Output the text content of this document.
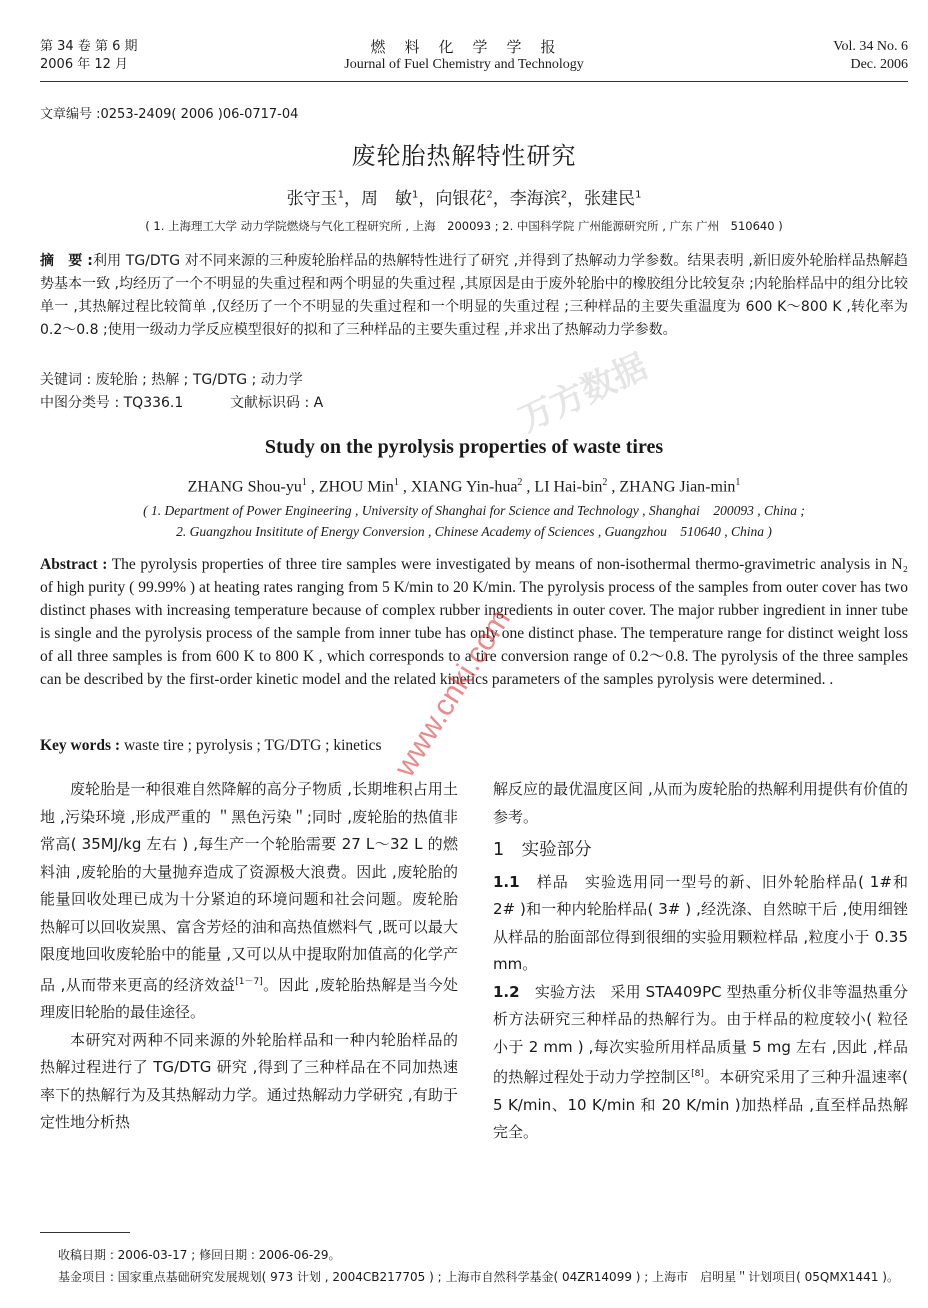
第 34 卷 第 6 期
2006 年 12 月
燃　料　化　学　学　报
Journal of Fuel Chemistry and Technology
Vol. 34 No. 6
Dec. 2006
文章编号 :0253-2409( 2006 )06-0717-04
废轮胎热解特性研究
张守玉$^1$，周　敏$^1$，向银花$^2$，李海滨$^2$，张建民$^1$
( 1. 上海理工大学 动力学院燃烧与气化工程研究所 , 上海　200093 ; 2. 中国科学院 广州能源研究所 , 广东 广州　510640 )
摘　要 :利用 TG/DTG 对不同来源的三种废轮胎样品的热解特性进行了研究 ,并得到了热解动力学参数。结果表明 ,新旧废外轮胎样品热解趋势基本一致 ,均经历了一个不明显的失重过程和两个明显的失重过程 ,其原因是由于废外轮胎中的橡胶组分比较复杂 ;内轮胎样品中的组分比较单一 ,其热解过程比较简单 ,仅经历了一个不明显的失重过程和一个明显的失重过程 ;三种样品的主要失重温度为 600 K～800 K ,转化率为 0.2～0.8 ;使用一级动力学反应模型很好的拟和了三种样品的主要失重过程 ,并求出了热解动力学参数。
关键词 : 废轮胎 ; 热解 ; TG/DTG ; 动力学
中图分类号 : TQ336.1	文献标识码 : A
Study on the pyrolysis properties of waste tires
ZHANG Shou-$yu^1$ , ZHOU Min$^1$ , XIANG Yin-hua$^2$ , LI Hai-bin$^2$ , ZHANG Jian-$\min^1$
( 1. Department of Power Engineering , University of Shanghai for Science and Technology , Shanghai　200093 , China ;
2. Guangzhou Insititute of Energy Conversion , Chinese Academy of Sciences , Guangzhou　510640 , China )
Abstract : The pyrolysis properties of three tire samples were investigated by means of non-isothermal thermo-gravimetric analysis in N₂ of high purity ( 99.99% ) at heating rates ranging from 5 K/min to 20 K/min. The pyrolysis process of the samples from outer cover has two distinct phases with increasing temperature because of complex rubber ingredients in outer cover. The major rubber ingredient in inner tube is single and the pyrolysis process of the sample from inner tube has only one distinct phase. The temperature range for distinct weight loss of all three samples is from 600 K to 800 K , which corresponds to a tire conversion range of 0.2～0.8. The pyrolysis of the three samples can be described by the first-order kinetic model and the related kinetics parameters of the samples pyrolysis were determined. .
Key words : waste tire ; pyrolysis ; TG/DTG ; kinetics

废轮胎是一种很难自然降解的高分子物质 ,长期堆积占用土地 ,污染环境 ,形成严重的 ＂黑色污染＂;同时 ,废轮胎的热值非常高( 35MJ/kg 左右 ) ,每生产一个轮胎需要 27 L～32 L 的燃料油 ,废轮胎的大量抛弃造成了资源极大浪费。因此 ,废轮胎的能量回收处理已成为十分紧迫的环境问题和社会问题。废轮胎热解可以回收炭黑、富含芳烃的油和高热值燃料气 ,既可以最大限度地回收废轮胎中的能量 ,又可以从中提取附加值高的化学产品 ,从而带来更高的经济效益[1－7]。因此 ,废轮胎热解是当今处理废旧轮胎的最佳途径。

本研究对两种不同来源的外轮胎样品和一种内轮胎样品的热解过程进行了 TG/DTG 研究 ,得到了三种样品在不同加热速率下的热解行为及其热解动力学。通过热解动力学研究 ,有助于定性地分析热

解反应的最优温度区间 ,从而为废轮胎的热解利用提供有价值的参考。

1　实验部分

1.1　 样品　 实验选用同一型号的新、旧外轮胎样品( 1#和 2# )和一种内轮胎样品( 3# ) ,经洗涤、自然晾干后 ,使用细锉从样品的胎面部位得到很细的实验用颗粒样品 ,粒度小于 0.35 mm。

1.2　 实验方法　 采用 STA409PC 型热重分析仪非等温热重分析方法研究三种样品的热解行为。由于样品的粒度较小( 粒径小于 2 mm ) ,每次实验所用样品质量 5 mg 左右 ,因此 ,样品的热解过程处于动力学控制区[8]。本研究采用了三种升温速率( 5 K/min、10 K/min 和 20 K/min )加热样品 ,直至样品热解完全。

收稿日期 : 2006-03-17 ; 修回日期 : 2006-06-29。
基金项目 : 国家重点基础研究发展规划( 973 计划 , 2004CB217705 ) ; 上海市自然科学基金( 04ZR14099 ) ; 上海市　启明星＂计划项目( 05QMX1441 )。
万方数据
www.cnki.com
